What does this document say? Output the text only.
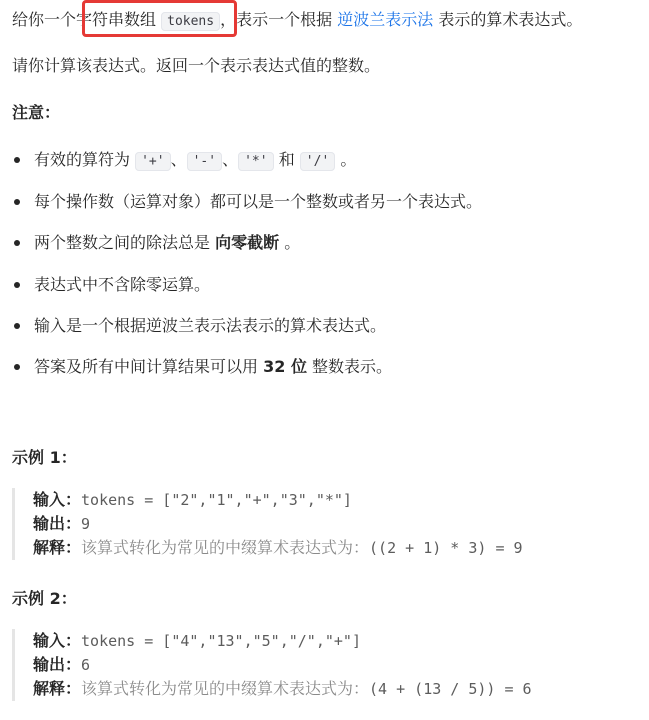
给你一个字符串数组 tokens ，表示一个根据 逆波兰表示法 表示的算术表达式。
请你计算该表达式。返回一个表示表达式值的整数。
注意：
有效的算符为 '+' 、 '-' 、 '*' 和 '/' 。
每个操作数（运算对象）都可以是一个整数或者另一个表达式。
两个整数之间的除法总是 向零截断 。
表达式中不含除零运算。
输入是一个根据逆波兰表示法表示的算术表达式。
答案及所有中间计算结果可以用 32 位 整数表示。
示例 1：
输入：tokens = ["2","1","+","3","*"]
输出：9
解释：该算式转化为常见的中缀算术表达式为：((2 + 1) * 3) = 9
示例 2：
输入：tokens = ["4","13","5","/","+"]
输出：6
解释：该算式转化为常见的中缀算术表达式为：(4 + (13 / 5)) = 6
